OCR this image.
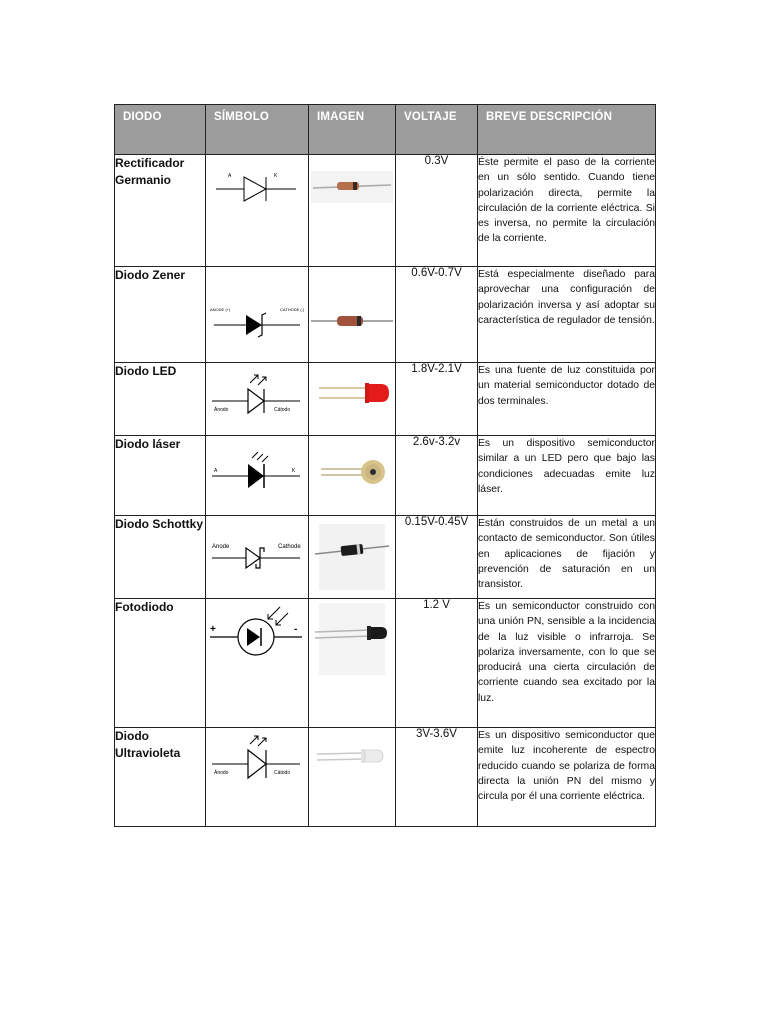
DIODO	SÍMBOLO	IMAGEN	VOLTAJE	BREVE DESCRIPCIÓN
Rectificador Germanio	A K		0.3V	Éste permite el paso de la corriente en un sólo sentido. Cuando tiene polarización directa, permite la circulación de la corriente eléctrica. Si es inversa, no permite la circulación de la corriente.
Diodo Zener	ANODE (+) CATHODE (-)		0.6V-0.7V	Está especialmente diseñado para aprovechar una configuración de polarización inversa y así adoptar su característica de regulador de tensión.
Diodo LED	Ánodo Cátodo		1.8V-2.1V	Es una fuente de luz constituida por un material semiconductor dotado de dos terminales.
Diodo láser	A K		2.6v-3.2v	Es un dispositivo semiconductor similar a un LED pero que bajo las condiciones adecuadas emite luz láser.
Diodo Schottky	Anode Cathode		0.15V-0.45V	Están construidos de un metal a un contacto de semiconductor. Son útiles en aplicaciones de fijación y prevención de saturación en un transistor.
Fotodiodo	+ -		1.2 V	Es un semiconductor construido con una unión PN, sensible a la incidencia de la luz visible o infrarroja. Se polariza inversamente, con lo que se producirá una cierta circulación de corriente cuando sea excitado por la luz.
Diodo Ultravioleta	Ánodo Cátodo		3V-3.6V	Es un dispositivo semiconductor que emite luz incoherente de espectro reducido cuando se polariza de forma directa la unión PN del mismo y circula por él una corriente eléctrica.
